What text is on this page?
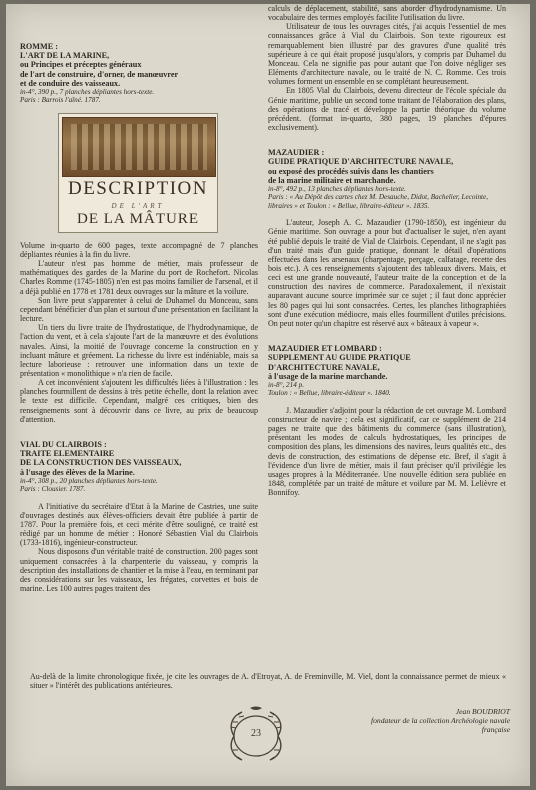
ROMME :
L'ART DE LA MARINE,
ou Principes et préceptes généraux
de l'art de construire, d'orner, de manœuvrer
et de conduire des vaisseaux.
in-4°, 390 p., 7 planches dépliantes hors-texte.
Paris : Barrois l'aîné. 1787.
DESCRIPTION
DE L'ART
DE LA MÂTURE

Volume in-quarto de 600 pages, texte accompagné de 7 planches dépliantes réunies à la fin du livre.

L'auteur n'est pas homme de métier, mais professeur de mathématiques des gardes de la Marine du port de Rochefort. Nicolas Charles Romme (1745-1805) n'en est pas moins familier de l'arsenal, et il a déjà publié en 1778 et 1781 deux ouvrages sur la mâture et la voilure.

Son livre peut s'apparenter à celui de Duhamel du Monceau, sans cependant bénéficier d'un plan et surtout d'une présentation en facilitant la lecture.

Un tiers du livre traite de l'hydrostatique, de l'hydrodynamique, de l'action du vent, et à cela s'ajoute l'art de la manœuvre et des évolutions navales. Ainsi, la moitié de l'ouvrage concerne la construction en y incluant mâture et gréement. La richesse du livre est indéniable, mais sa lecture laborieuse : retrouver une information dans un texte de présentation « monolithique » n'a rien de facile.

A cet inconvénient s'ajoutent les difficultés liées à l'illustration : les planches fourmillent de dessins à très petite échelle, dont la relation avec le texte est difficile. Cependant, malgré ces critiques, bien des renseignements sont à découvrir dans ce livre, au prix de beaucoup d'attention.

VIAL DU CLAIRBOIS :
TRAITE ELEMENTAIRE
DE LA CONSTRUCTION DES VAISSEAUX,
à l'usage des élèves de la Marine.
in-4°, 308 p., 20 planches dépliantes hors-texte.
Paris : Clousier. 1787.

A l'initiative du secrétaire d'Etat à la Marine de Castries, une suite d'ouvrages destinés aux élèves-officiers devait être publiée à partir de 1787. Pour la première fois, et ceci mérite d'être souligné, ce traité est rédigé par un homme de métier : Honoré Sébastien Vial du Clairbois (1733-1816), ingénieur-constructeur.

Nous disposons d'un véritable traité de construction. 200 pages sont uniquement consacrées à la charpenterie du vaisseau, y compris la description des installations de chantier et la mise à l'eau, en terminant par des considérations sur les vaisseaux, les frégates, corvettes et bois de marine. Les 100 autres pages traitent des

calculs de déplacement, stabilité, sans aborder d'hydrodynamisme. Un vocabulaire des termes employés facilite l'utilisation du livre.

Utilisateur de tous les ouvrages cités, j'ai acquis l'essentiel de mes connaissances grâce à Vial du Clairbois. Son texte rigoureux est remarquablement bien illustré par des gravures d'une qualité très supérieure à ce qui était proposé jusqu'alors, y compris par Duhamel du Monceau. Cela ne signifie pas pour autant que l'on doive négliger ses Eléments d'architecture navale, ou le traité de N. C. Romme. Ces trois volumes forment un ensemble en se complétant heureusement.

En 1805 Vial du Clairbois, devenu directeur de l'école spéciale du Génie maritime, publie un second tome traitant de l'élaboration des plans, des opérations de tracé et développe la partie théorique du volume précédent. (format in-quarto, 380 pages, 19 planches d'épures exclusivement).

MAZAUDIER :
GUIDE PRATIQUE D'ARCHITECTURE NAVALE,
ou exposé des procédés suivis dans les chantiers
de la marine militaire et marchande.
in-8°, 492 p., 13 planches dépliantes hors-texte.
Paris : « Au Dépôt des cartes chez M. Desauche, Didot, Bachelier, Lecointe, libraires » et Toulon : « Bellue, libraire-éditeur ». 1835.

L'auteur, Joseph A. C. Mazaudier (1790-1850), est ingénieur du Génie maritime. Son ouvrage a pour but d'actualiser le sujet, n'en ayant été publié depuis le traité de Vial de Clairbois. Cependant, il ne s'agit pas d'un traité mais d'un guide pratique, donnant le détail d'opérations effectuées dans les arsenaux (charpentage, perçage, calfatage, recette des bois etc.). A ces renseignements s'ajoutent des tableaux divers. Mais, et ceci est une grande nouveauté, l'auteur traite de la conception et de la construction des navires de commerce. Paradoxalement, il n'existait auparavant aucune source imprimée sur ce sujet ; il faut donc apprécier les 80 pages qui lui sont consacrées. Certes, les planches lithographiées sont d'une exécution médiocre, mais elles fourmillent d'utiles précisions. On peut noter qu'un chapitre est réservé aux « bâteaux à vapeur ».

MAZAUDIER ET LOMBARD :
SUPPLEMENT AU GUIDE PRATIQUE
D'ARCHITECTURE NAVALE,
à l'usage de la marine marchande.
in-8°, 214 p.
Toulon : « Bellue, libraire-éditeur ». 1840.

J. Mazaudier s'adjoint pour la rédaction de cet ouvrage M. Lombard constructeur de navire ; cela est significatif, car ce supplément de 214 pages ne traite que des bâtiments du commerce (sans illustration), présentant les modes de calculs hydrostatiques, les principes de composition des plans, les dimensions des navires, leurs qualités etc., des devis de construction, des estimations de dépense etc. Bref, il s'agit à l'évidence d'un livre de métier, mais il faut préciser qu'il privilégie les usages propres à la Méditerranée. Une nouvelle édition sera publiée en 1848, complétée par un traité de mâture et voilure par M. M. Lelièvre et Bonnifoy.

Au-delà de la limite chronologique fixée, je cite les ouvrages de A. d'Etroyat, A. de Freminville, M. Viel, dont la connaissance permet de mieux « situer » l'intérêt des publications antérieures.
23
Jean BOUDRIOT
fondateur de la collection Archéologie navale
française
